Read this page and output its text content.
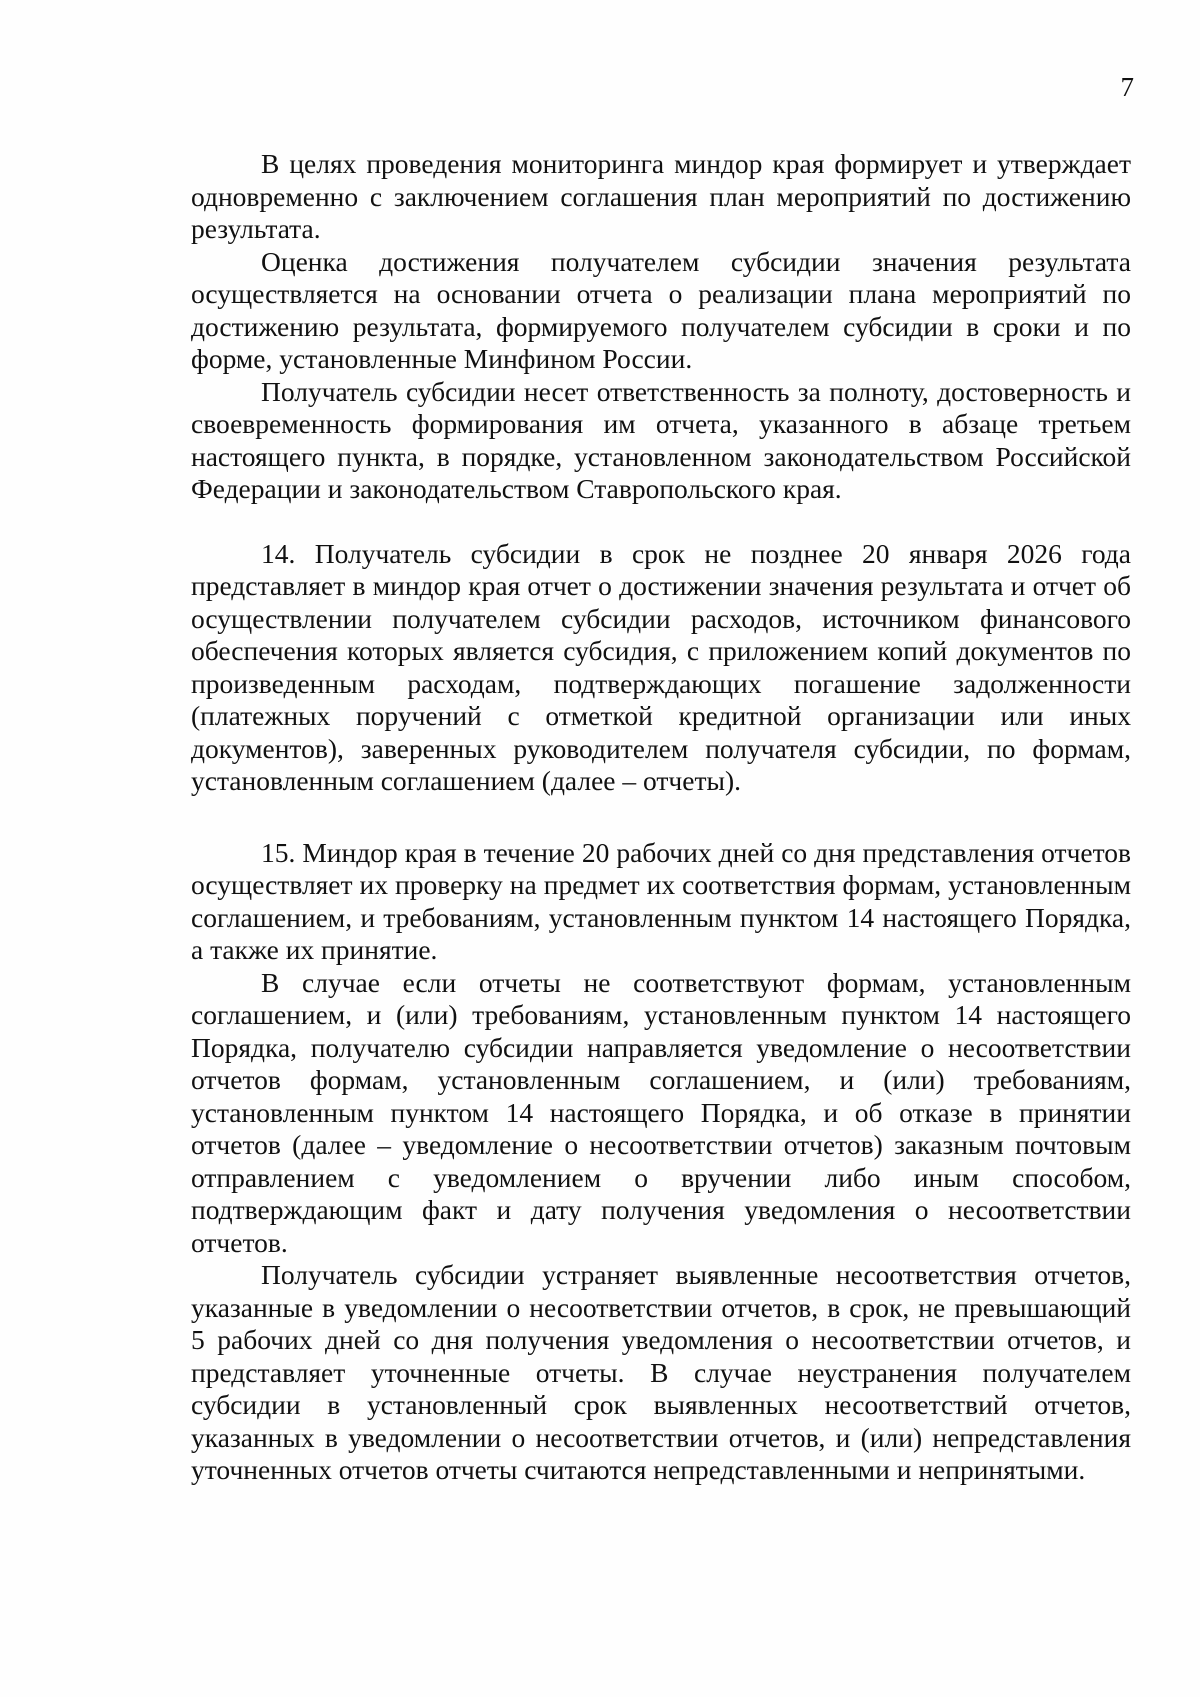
7

В целях проведения мониторинга миндор края формирует и утверждает одновременно с заключением соглашения план мероприятий по достижению результата.

Оценка достижения получателем субсидии значения результата осуществляется на основании отчета о реализации плана мероприятий по достижению результата, формируемого получателем субсидии в сроки и по форме, установленные Минфином России.

Получатель субсидии несет ответственность за полноту, достоверность и своевременность формирования им отчета, указанного в абзаце третьем настоящего пункта, в порядке, установленном законодательством Российской Федерации и законодательством Ставропольского края.

14. Получатель субсидии в срок не позднее 20 января 2026 года представляет в миндор края отчет о достижении значения результата и отчет об осуществлении получателем субсидии расходов, источником финансового обеспечения которых является субсидия, с приложением копий документов по произведенным расходам, подтверждающих погашение задолженности (платежных поручений с отметкой кредитной организации или иных документов), заверенных руководителем получателя субсидии, по формам, установленным соглашением (далее – отчеты).

15. Миндор края в течение 20 рабочих дней со дня представления отчетов осуществляет их проверку на предмет их соответствия формам, установленным соглашением, и требованиям, установленным пунктом 14 настоящего Порядка, а также их принятие.

В случае если отчеты не соответствуют формам, установленным соглашением, и (или) требованиям, установленным пунктом 14 настоящего Порядка, получателю субсидии направляется уведомление о несоответствии отчетов формам, установленным соглашением, и (или) требованиям, установленным пунктом 14 настоящего Порядка, и об отказе в принятии отчетов (далее – уведомление о несоответствии отчетов) заказным почтовым отправлением с уведомлением о вручении либо иным способом, подтверждающим факт и дату получения уведомления о несоответствии отчетов.

Получатель субсидии устраняет выявленные несоответствия отчетов, указанные в уведомлении о несоответствии отчетов, в срок, не превышающий 5 рабочих дней со дня получения уведомления о несоответствии отчетов, и представляет уточненные отчеты. В случае неустранения получателем субсидии в установленный срок выявленных несоответствий отчетов, указанных в уведомлении о несоответствии отчетов, и (или) непредставления уточненных отчетов отчеты считаются непредставленными и непринятыми.
